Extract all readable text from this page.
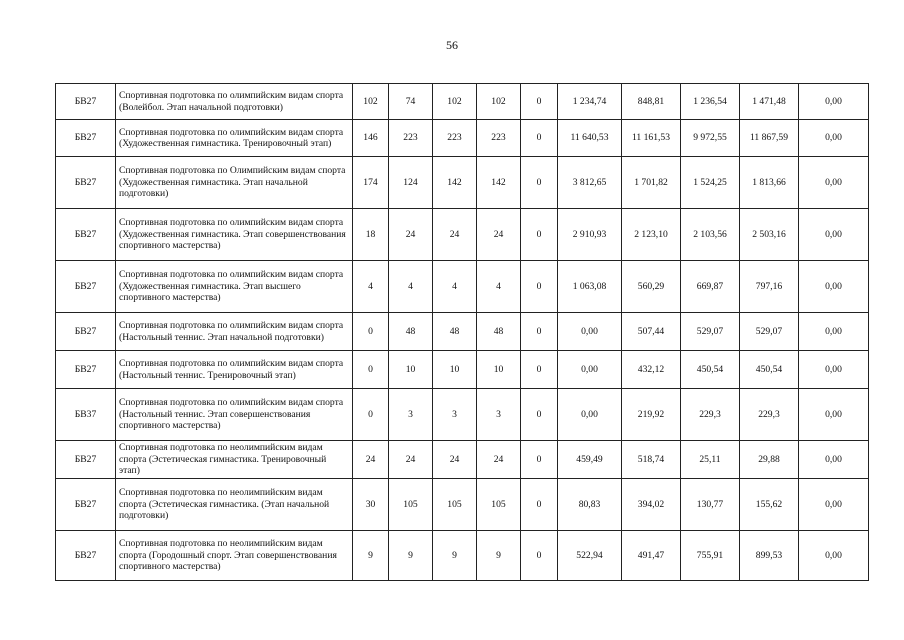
56
БВ27	Спортивная подготовка по олимпийским видам спорта (Волейбол. Этап начальной подготовки)	102	74	102	102	0	1 234,74	848,81	1 236,54	1 471,48	0,00
БВ27	Спортивная подготовка по олимпийским видам спорта (Художественная гимнастика. Тренировочный этап)	146	223	223	223	0	11 640,53	11 161,53	9 972,55	11 867,59	0,00
БВ27	Спортивная подготовка по Олимпийским видам спорта (Художественная гимнастика. Этап начальной подготовки)	174	124	142	142	0	3 812,65	1 701,82	1 524,25	1 813,66	0,00
БВ27	Спортивная подготовка по олимпийским видам спорта (Художественная гимнастика. Этап совершенствования спортивного мастерства)	18	24	24	24	0	2 910,93	2 123,10	2 103,56	2 503,16	0,00
БВ27	Спортивная подготовка по олимпийским видам спорта (Художественная гимнастика. Этап высшего спортивного мастерства)	4	4	4	4	0	1 063,08	560,29	669,87	797,16	0,00
БВ27	Спортивная подготовка по олимпийским видам спорта (Настольный теннис. Этап начальной подготовки)	0	48	48	48	0	0,00	507,44	529,07	529,07	0,00
БВ27	Спортивная подготовка по олимпийским видам спорта (Настольный теннис. Тренировочный этап)	0	10	10	10	0	0,00	432,12	450,54	450,54	0,00
БВ37	Спортивная подготовка по олимпийским видам спорта (Настольный теннис. Этап совершенствования спортивного мастерства)	0	3	3	3	0	0,00	219,92	229,3	229,3	0,00
БВ27	Спортивная подготовка по неолимпийским видам спорта (Эстетическая гимнастика. Тренировочный этап)	24	24	24	24	0	459,49	518,74	25,11	29,88	0,00
БВ27	Спортивная подготовка по неолимпийским видам спорта (Эстетическая гимнастика. (Этап начальной подготовки)	30	105	105	105	0	80,83	394,02	130,77	155,62	0,00
БВ27	Спортивная подготовка по неолимпийским видам спорта (Городошный спорт. Этап совершенствования спортивного мастерства)	9	9	9	9	0	522,94	491,47	755,91	899,53	0,00
